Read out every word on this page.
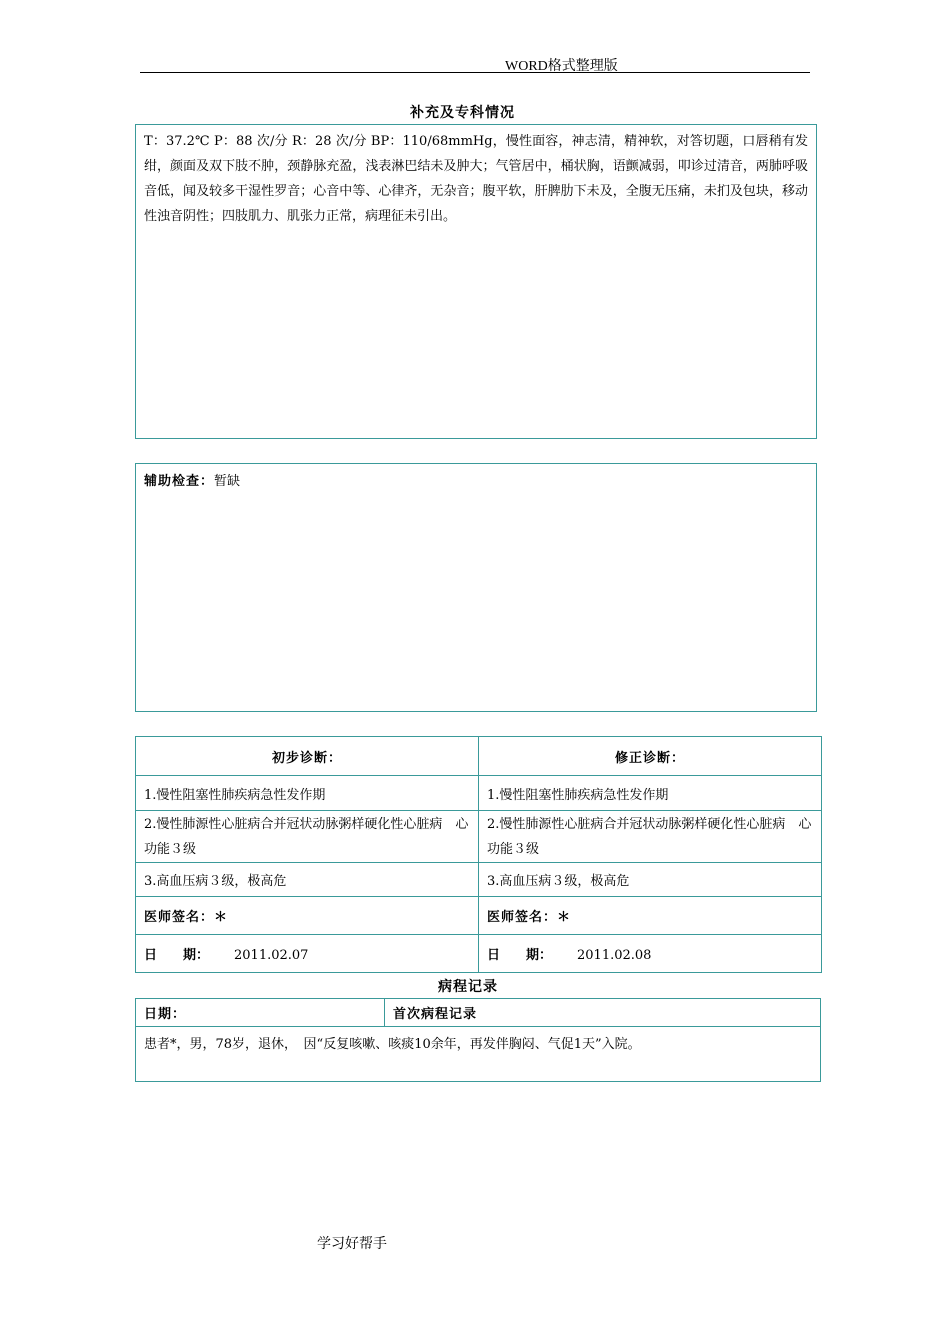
WORD格式整理版
补充及专科情况

T：37.2℃ P：88 次/分 R：28 次/分 BP：110/68mmHg，慢性面容，神志清，精神软，对答切题，口唇稍有发绀，颜面及双下肢不肿，颈静脉充盈，浅表淋巴结未及肿大；气管居中，桶状胸，语颤减弱，叩诊过清音，两肺呼吸音低，闻及较多干湿性罗音；心音中等、心律齐，无杂音；腹平软，肝脾肋下未及，全腹无压痛，未扪及包块，移动性浊音阴性；四肢肌力、肌张力正常，病理征未引出。

辅助检查：暂缺
初步诊断：	修正诊断：
1.慢性阻塞性肺疾病急性发作期	1.慢性阻塞性肺疾病急性发作期
2.慢性肺源性心脏病合并冠状动脉粥样硬化性心脏病　心功能３级	2.慢性肺源性心脏病合并冠状动脉粥样硬化性心脏病　心功能３级
3.高血压病３级，极高危	3.高血压病３级，极高危
医师签名：＊	医师签名：＊
日　　期： 2011.02.07	日　　期： 2011.02.08
病程记录
日期：	首次病程记录
患者*，男，78岁，退休，　因“反复咳嗽、咳痰10余年，再发伴胸闷、气促1天”入院。
学习好帮手
